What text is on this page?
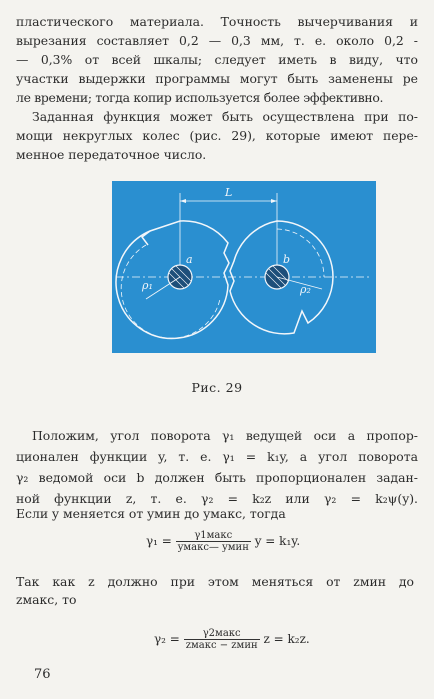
пластического материала. Точность вычерчивания и
вырезания составляет 0,2 — 0,3 мм, т. е. около 0,2 -
— 0,3% от всей шкалы; следует иметь в виду, что
участки выдержки программы могут быть заменены ре
ле времени; тогда копир используется более эффективно.
Заданная функция может быть осуществлена при по-
мощи некруглых колес (рис. 29), которые имеют пере-
менное передаточное число.
L
a
ρ₁
b
ρ₂
Рис. 29
Положим, угол поворота γ₁ ведущей оси a пропор-
ционален функции y, т. е. γ₁ = k₁y, а угол поворота
γ₂ ведомой оси b должен быть пропорционален задан-
ной функции z, т. е. γ₂ = k₂z или γ₂ = k₂ψ(y).
Если y меняется от yмин до yмакс, тогда
$\gamma_1 = \frac{\text{γ1макс}}{\text{yмакс— yмин}}$ y = k₁y.
Так как z должно при этом меняться от zмин до
zмакс, то
$\gamma_2 = \frac{\text{γ2макс}}{\text{zмакс − zмин}}$ z = k₂z.
76
